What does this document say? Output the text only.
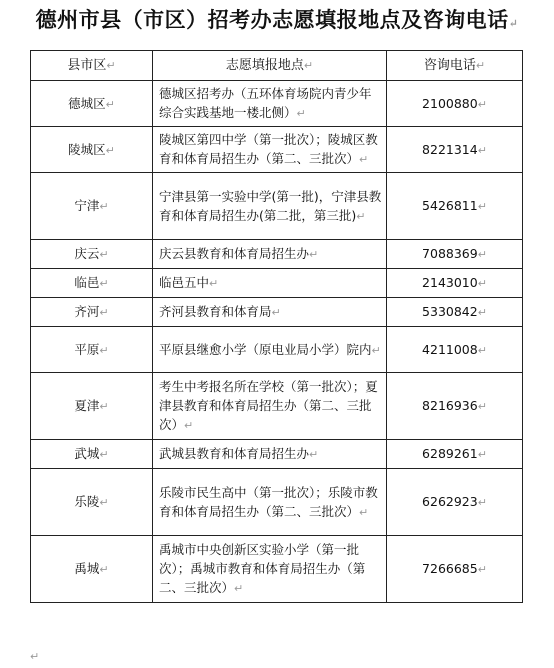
德州市县（市区）招考办志愿填报地点及咨询电话↵
县市区↵	志愿填报地点↵	咨询电话↵
德城区↵	德城区招考办（五环体育场院内青少年综合实践基地一楼北侧）↵	2100880↵
陵城区↵	陵城区第四中学（第一批次）；陵城区教育和体育局招生办（第二、三批次）↵	8221314↵
宁津↵	宁津县第一实验中学(第一批)，宁津县教育和体育局招生办(第二批，第三批)↵	5426811↵
庆云↵	庆云县教育和体育局招生办↵	7088369↵
临邑↵	临邑五中↵	2143010↵
齐河↵	齐河县教育和体育局↵	5330842↵
平原↵	平原县继愈小学（原电业局小学）院内↵	4211008↵
夏津↵	考生中考报名所在学校（第一批次）；夏津县教育和体育局招生办（第二、三批次）↵	8216936↵
武城↵	武城县教育和体育局招生办↵	6289261↵
乐陵↵	乐陵市民生高中（第一批次）；乐陵市教育和体育局招生办（第二、三批次）↵	6262923↵
禹城↵	禹城市中央创新区实验小学（第一批次）；禹城市教育和体育局招生办（第二、三批次）↵	7266685↵
↵
